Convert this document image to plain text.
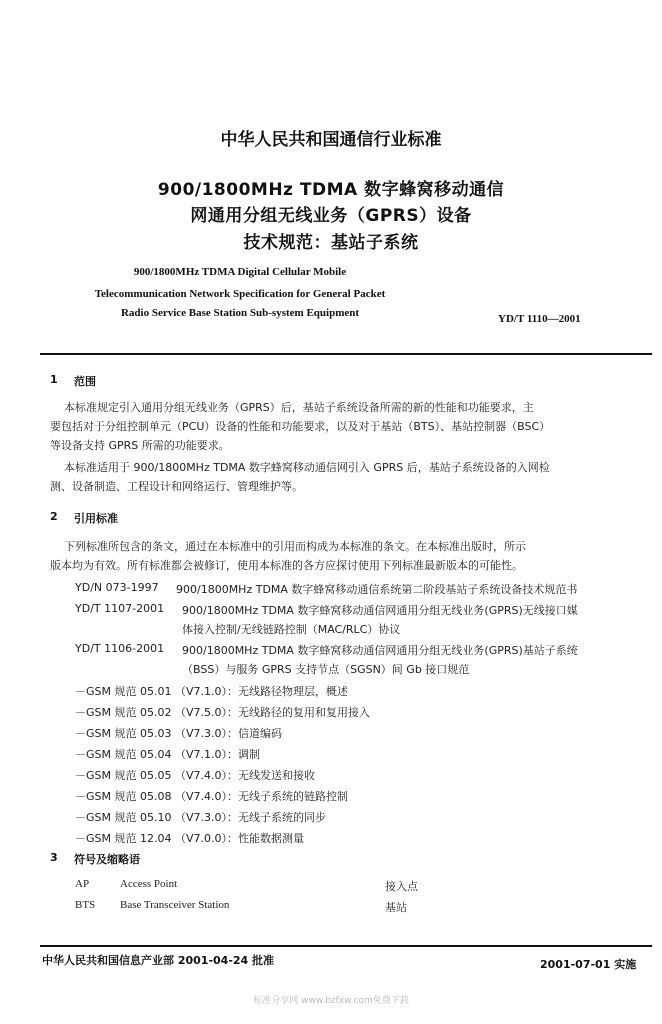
中华人民共和国通信行业标准
900/1800MHz TDMA 数字蜂窝移动通信
网通用分组无线业务（GPRS）设备
技术规范：基站子系统
900/1800MHz TDMA Digital Cellular Mobile
Telecommunication Network Specification for General Packet
Radio Service Base Station Sub-system Equipment	YD/T 1110—2001
1 范围
本标准规定引入通用分组无线业务（GPRS）后，基站子系统设备所需的新的性能和功能要求，主
要包括对于分组控制单元（PCU）设备的性能和功能要求，以及对于基站（BTS）、基站控制器（BSC）
等设备支持 GPRS 所需的功能要求。
本标准适用于 900/1800MHz TDMA 数字蜂窝移动通信网引入 GPRS 后，基站子系统设备的入网检
测、设备制造、工程设计和网络运行、管理维护等。
2 引用标准
下列标准所包含的条文，通过在本标准中的引用而构成为本标准的条文。在本标准出版时，所示
版本均为有效。所有标准都会被修订，使用本标准的各方应探讨使用下列标准最新版本的可能性。
YD/N 073-1997 900/1800MHz TDMA 数字蜂窝移动通信系统第二阶段基站子系统设备技术规范书
YD/T 1107-2001 900/1800MHz TDMA 数字蜂窝移动通信网通用分组无线业务(GPRS)无线接口媒
体接入控制/无线链路控制（MAC/RLC）协议
YD/T 1106-2001 900/1800MHz TDMA 数字蜂窝移动通信网通用分组无线业务(GPRS)基站子系统
（BSS）与服务 GPRS 支持节点（SGSN）间 Gb 接口规范
－GSM 规范 05.01 （V7.1.0）：无线路径物理层，概述
－GSM 规范 05.02 （V7.5.0）：无线路径的复用和复用接入
－GSM 规范 05.03 （V7.3.0）：信道编码
－GSM 规范 05.04 （V7.1.0）：调制
－GSM 规范 05.05 （V7.4.0）：无线发送和接收
－GSM 规范 05.08 （V7.4.0）：无线子系统的链路控制
－GSM 规范 05.10 （V7.3.0）：无线子系统的同步
－GSM 规范 12.04 （V7.0.0）：性能数据测量
3 符号及缩略语
AP	Access Point	接入点
BTS Base Transceiver Station	基站
中华人民共和国信息产业部 2001-04-24 批准	2001-07-01 实施
标准分享网 www.bzfxw.com免费下载
